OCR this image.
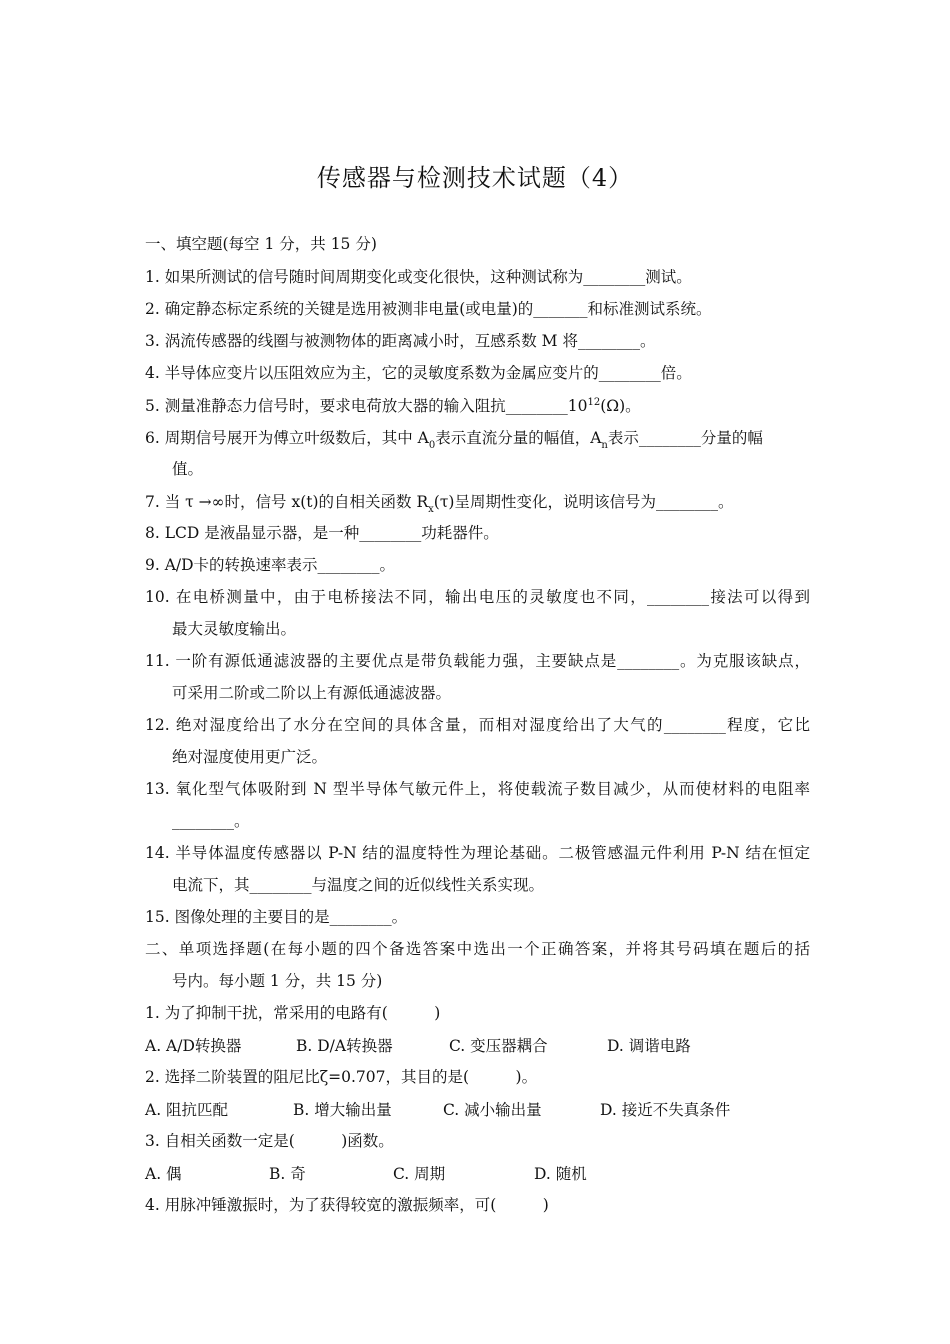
传感器与检测技术试题（4）
一、填空题(每空 1 分，共 15 分)
1. 如果所测试的信号随时间周期变化或变化很快，这种测试称为________测试。
2. 确定静态标定系统的关键是选用被测非电量(或电量)的_______和标准测试系统。
3. 涡流传感器的线圈与被测物体的距离减小时，互感系数 M 将________。
4. 半导体应变片以压阻效应为主，它的灵敏度系数为金属应变片的________倍。
5. 测量准静态力信号时，要求电荷放大器的输入阻抗$\_\_\_\_\_\_\_\_10^{12}(\Omega)$。
6. 周期信号展开为傅立叶级数后，其中 $A_0$表示直流分量的幅值，$A_n$表示________分量的幅
值。
7. 当 τ →∞时，信号 x(t)的自相关函数 $R_x(\tau)$呈周期性变化，说明该信号为________。
8. LCD 是液晶显示器，是一种________功耗器件。
9. A/D卡的转换速率表示________。
10. 在电桥测量中，由于电桥接法不同，输出电压的灵敏度也不同，________接法可以得到
最大灵敏度输出。
11. 一阶有源低通滤波器的主要优点是带负载能力强，主要缺点是________。为克服该缺点，
可采用二阶或二阶以上有源低通滤波器。
12. 绝对湿度给出了水分在空间的具体含量，而相对湿度给出了大气的________程度，它比
绝对湿度使用更广泛。
13. 氧化型气体吸附到 N 型半导体气敏元件上，将使载流子数目减少，从而使材料的电阻率
________。
14. 半导体温度传感器以 P-N 结的温度特性为理论基础。二极管感温元件利用 P-N 结在恒定
电流下，其________与温度之间的近似线性关系实现。
15. 图像处理的主要目的是________。
二、单项选择题(在每小题的四个备选答案中选出一个正确答案，并将其号码填在题后的括
号内。每小题 1 分，共 15 分)
1. 为了抑制干扰，常采用的电路有(　　　)
A. A/D转换器	B. D/A转换器	C. 变压器耦合	D. 调谐电路
2. 选择二阶装置的阻尼比ζ=0.707，其目的是(　　　)。
A. 阻抗匹配	B. 增大输出量	C. 减小输出量	D. 接近不失真条件
3. 自相关函数一定是(　　　)函数。
A. 偶	B. 奇	C. 周期	D. 随机
4. 用脉冲锤激振时，为了获得较宽的激振频率，可(　　　)
